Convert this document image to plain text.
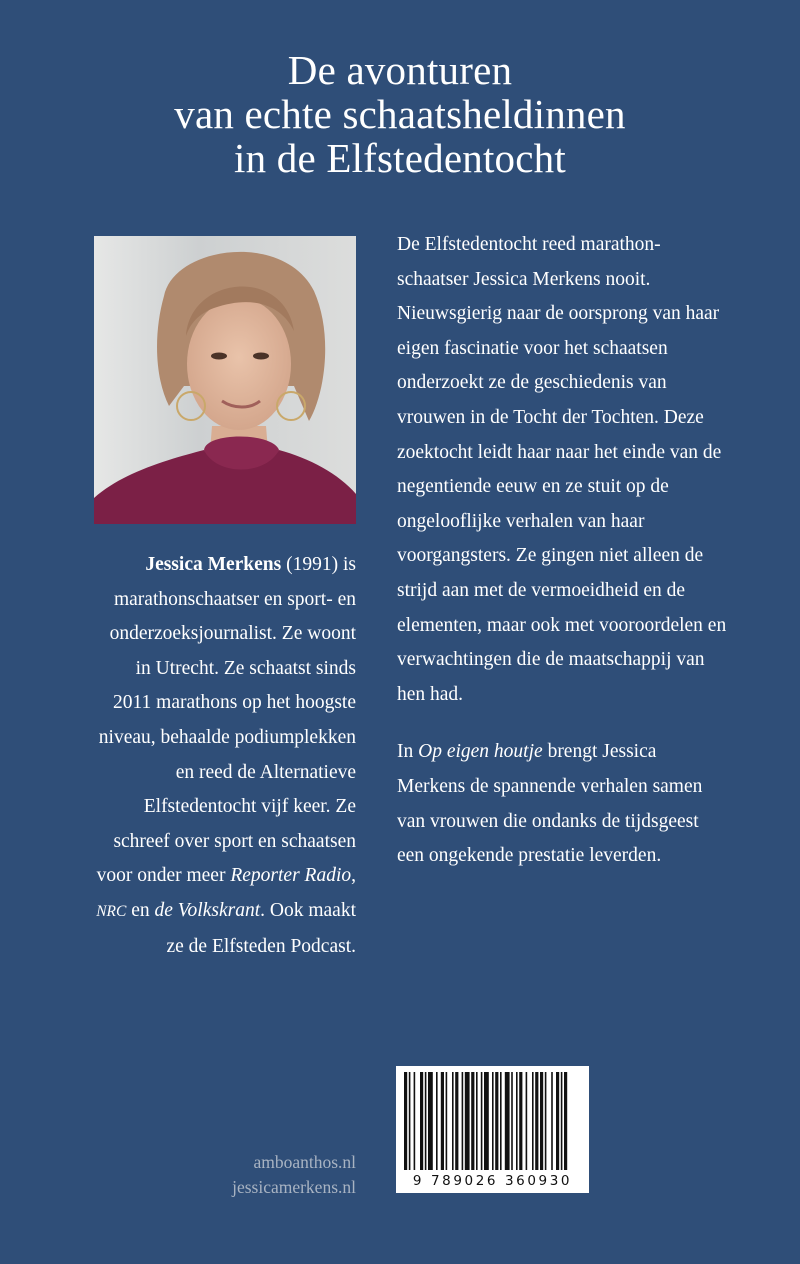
De avonturen
van echte schaatsheldinnen
in de Elfstedentocht

Jessica Merkens (1991) is marathonschaatser en sport- en onderzoeksjournalist. Ze woont in Utrecht. Ze schaatst sinds 2011 marathons op het hoogste niveau, behaalde podiumplekken en reed de Alternatieve Elfstedentocht vijf keer. Ze schreef over sport en schaatsen voor onder meer Reporter Radio, NRC en de Volkskrant. Ook maakt ze de Elfsteden Podcast.

De Elfstedentocht reed marathon- schaatser Jessica Merkens nooit. Nieuwsgierig naar de oorsprong van haar eigen fascinatie voor het schaatsen onderzoekt ze de geschiedenis van vrouwen in de Tocht der Tochten. Deze zoektocht leidt haar naar het einde van de negentiende eeuw en ze stuit op de ongelooflijke verhalen van haar voorgangsters. Ze gingen niet alleen de strijd aan met de vermoeidheid en de elementen, maar ook met vooroordelen en verwachtingen die de maatschappij van hen had.

In Op eigen houtje brengt Jessica Merkens de spannende verhalen samen van vrouwen die ondanks de tijdsgeest een ongekende prestatie leverden.

amboanthos.nl
jessicamerkens.nl	9 789026 360930
